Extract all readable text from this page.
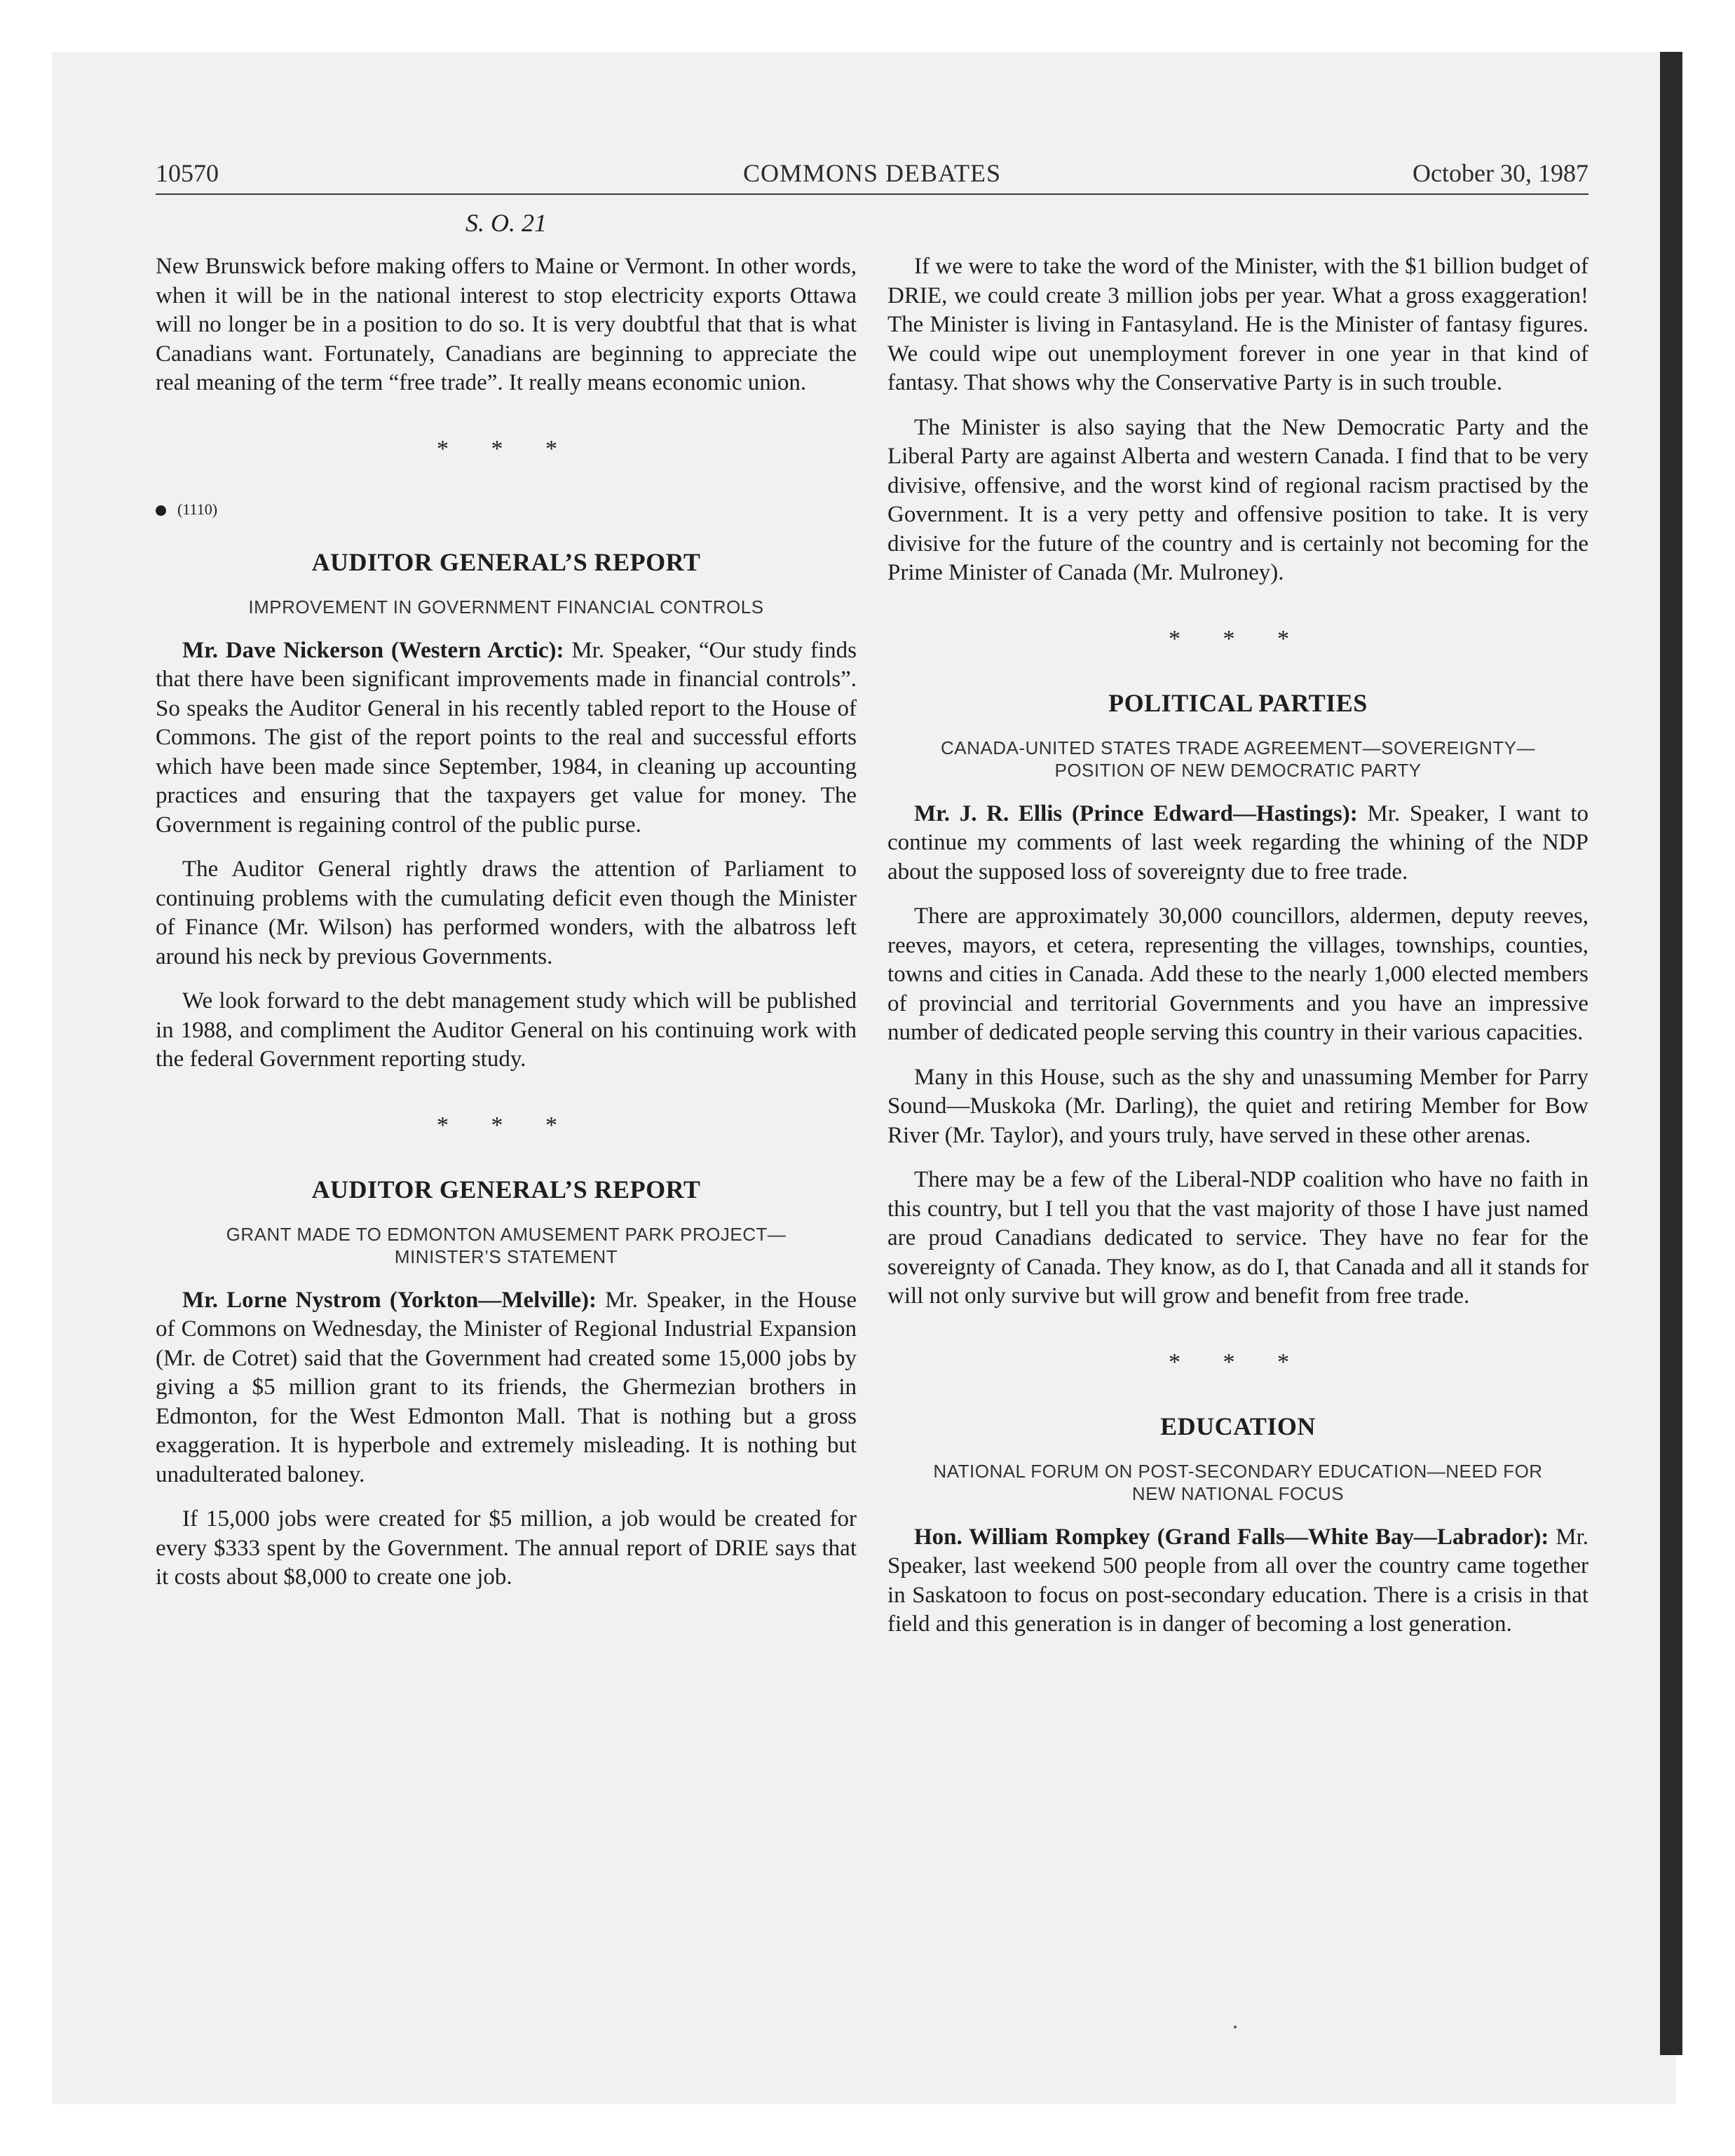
10570	COMMONS DEBATES	October 30, 1987
S. O. 21

New Brunswick before making offers to Maine or Vermont. In other words, when it will be in the national interest to stop electricity exports Ottawa will no longer be in a position to do so. It is very doubtful that that is what Canadians want. Fortunately, Canadians are beginning to appreciate the real meaning of the term “free trade”. It really means economic union.

* * *
(1110)
AUDITOR GENERAL’S REPORT
IMPROVEMENT IN GOVERNMENT FINANCIAL CONTROLS

Mr. Dave Nickerson (Western Arctic): Mr. Speaker, “Our study finds that there have been significant improvements made in financial controls”. So speaks the Auditor General in his recently tabled report to the House of Commons. The gist of the report points to the real and successful efforts which have been made since September, 1984, in cleaning up accounting practices and ensuring that the taxpayers get value for money. The Government is regaining control of the public purse.

The Auditor General rightly draws the attention of Parliament to continuing problems with the cumulating deficit even though the Minister of Finance (Mr. Wilson) has performed wonders, with the albatross left around his neck by previous Governments.

We look forward to the debt management study which will be published in 1988, and compliment the Auditor General on his continuing work with the federal Government reporting study.

* * *
AUDITOR GENERAL’S REPORT
GRANT MADE TO EDMONTON AMUSEMENT PARK PROJECT—MINISTER’S STATEMENT

Mr. Lorne Nystrom (Yorkton—Melville): Mr. Speaker, in the House of Commons on Wednesday, the Minister of Regional Industrial Expansion (Mr. de Cotret) said that the Government had created some 15,000 jobs by giving a $5 million grant to its friends, the Ghermezian brothers in Edmonton, for the West Edmonton Mall. That is nothing but a gross exaggeration. It is hyperbole and extremely misleading. It is nothing but unadulterated baloney.

If 15,000 jobs were created for $5 million, a job would be created for every $333 spent by the Government. The annual report of DRIE says that it costs about $8,000 to create one job.

If we were to take the word of the Minister, with the $1 billion budget of DRIE, we could create 3 million jobs per year. What a gross exaggeration! The Minister is living in Fantasyland. He is the Minister of fantasy figures. We could wipe out unemployment forever in one year in that kind of fantasy. That shows why the Conservative Party is in such trouble.

The Minister is also saying that the New Democratic Party and the Liberal Party are against Alberta and western Canada. I find that to be very divisive, offensive, and the worst kind of regional racism practised by the Government. It is a very petty and offensive position to take. It is very divisive for the future of the country and is certainly not becoming for the Prime Minister of Canada (Mr. Mulroney).

* * *
POLITICAL PARTIES
CANADA-UNITED STATES TRADE AGREEMENT—SOVEREIGNTY—POSITION OF NEW DEMOCRATIC PARTY

Mr. J. R. Ellis (Prince Edward—Hastings): Mr. Speaker, I want to continue my comments of last week regarding the whining of the NDP about the supposed loss of sovereignty due to free trade.

There are approximately 30,000 councillors, aldermen, deputy reeves, reeves, mayors, et cetera, representing the villages, townships, counties, towns and cities in Canada. Add these to the nearly 1,000 elected members of provincial and territorial Governments and you have an impressive number of dedicated people serving this country in their various capacities.

Many in this House, such as the shy and unassuming Member for Parry Sound—Muskoka (Mr. Darling), the quiet and retiring Member for Bow River (Mr. Taylor), and yours truly, have served in these other arenas.

There may be a few of the Liberal-NDP coalition who have no faith in this country, but I tell you that the vast majority of those I have just named are proud Canadians dedicated to service. They have no fear for the sovereignty of Canada. They know, as do I, that Canada and all it stands for will not only survive but will grow and benefit from free trade.

* * *
EDUCATION
NATIONAL FORUM ON POST-SECONDARY EDUCATION—NEED FOR NEW NATIONAL FOCUS

Hon. William Rompkey (Grand Falls—White Bay—Labrador): Mr. Speaker, last weekend 500 people from all over the country came together in Saskatoon to focus on post-secondary education. There is a crisis in that field and this generation is in danger of becoming a lost generation.
